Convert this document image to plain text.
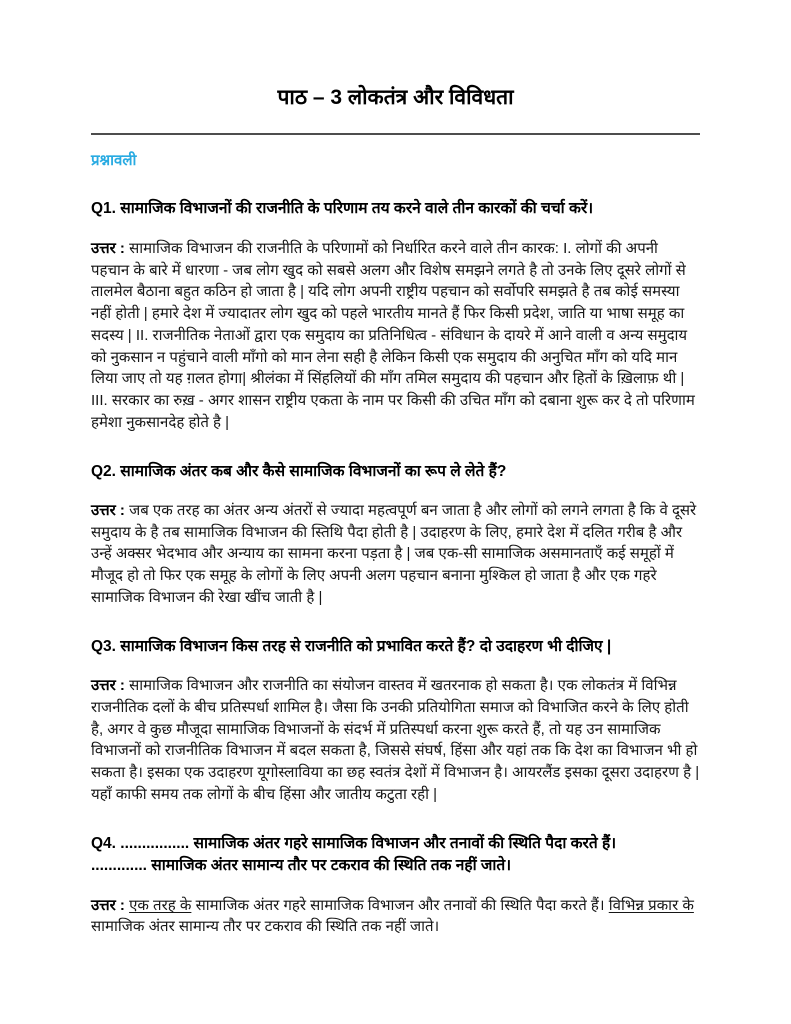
पाठ – 3 लोकतंत्र और विविधता
प्रश्नावली
Q1. सामाजिक विभाजनों की राजनीति के परिणाम तय करने वाले तीन कारकों की चर्चा करें।

उत्तर : सामाजिक विभाजन की राजनीति के परिणामों को निर्धारित करने वाले तीन कारक: I. लोगों की अपनी पहचान के बारे में धारणा - जब लोग खुद को सबसे अलग और विशेष समझने लगते है तो उनके लिए दूसरे लोगों से तालमेल बैठाना बहुत कठिन हो जाता है | यदि लोग अपनी राष्ट्रीय पहचान को सर्वोपरि समझते है तब कोई समस्या नहीं होती | हमारे देश में ज्यादातर लोग खुद को पहले भारतीय मानते हैं फिर किसी प्रदेश, जाति या भाषा समूह का सदस्य | II. राजनीतिक नेताओं द्वारा एक समुदाय का प्रतिनिधित्व - संविधान के दायरे में आने वाली व अन्य समुदाय को नुकसान न पहुंचाने वाली माँगो को मान लेना सही है लेकिन किसी एक समुदाय की अनुचित माँग को यदि मान लिया जाए तो यह ग़लत होगा| श्रीलंका में सिंहलियों की माँग तमिल समुदाय की पहचान और हितों के ख़िलाफ़ थी | III. सरकार का रुख़ - अगर शासन राष्ट्रीय एकता के नाम पर किसी की उचित माँग को दबाना शुरू कर दे तो परिणाम हमेशा नुकसानदेह होते है |

Q2. सामाजिक अंतर कब और कैसे सामाजिक विभाजनों का रूप ले लेते हैं?

उत्तर : जब एक तरह का अंतर अन्य अंतरों से ज्यादा महत्वपूर्ण बन जाता है और लोगों को लगने लगता है कि वे दूसरे समुदाय के है तब सामाजिक विभाजन की स्तिथि पैदा होती है | उदाहरण के लिए, हमारे देश में दलित गरीब है और उन्हें अक्सर भेदभाव और अन्याय का सामना करना पड़ता है | जब एक-सी सामाजिक असमानताएँ कई समूहों में मौजूद हो तो फिर एक समूह के लोगों के लिए अपनी अलग पहचान बनाना मुश्किल हो जाता है और एक गहरे सामाजिक विभाजन की रेखा खींच जाती है |

Q3. सामाजिक विभाजन किस तरह से राजनीति को प्रभावित करते हैं? दो उदाहरण भी दीजिए |

उत्तर : सामाजिक विभाजन और राजनीति का संयोजन वास्तव में खतरनाक हो सकता है। एक लोकतंत्र में विभिन्न राजनीतिक दलों के बीच प्रतिस्पर्धा शामिल है। जैसा कि उनकी प्रतियोगिता समाज को विभाजित करने के लिए होती है, अगर वे कुछ मौजूदा सामाजिक विभाजनों के संदर्भ में प्रतिस्पर्धा करना शुरू करते हैं, तो यह उन सामाजिक विभाजनों को राजनीतिक विभाजन में बदल सकता है, जिससे संघर्ष, हिंसा और यहां तक कि देश का विभाजन भी हो सकता है। इसका एक उदाहरण यूगोस्लाविया का छह स्वतंत्र देशों में विभाजन है। आयरलैंड इसका दूसरा उदाहरण है | यहाँ काफी समय तक लोगों के बीच हिंसा और जातीय कटुता रही |

Q4. ................ सामाजिक अंतर गहरे सामाजिक विभाजन और तनावों की स्थिति पैदा करते हैं।
............. सामाजिक अंतर सामान्य तौर पर टकराव की स्थिति तक नहीं जाते।

उत्तर : एक तरह के सामाजिक अंतर गहरे सामाजिक विभाजन और तनावों की स्थिति पैदा करते हैं। विभिन्न प्रकार के सामाजिक अंतर सामान्य तौर पर टकराव की स्थिति तक नहीं जाते।
